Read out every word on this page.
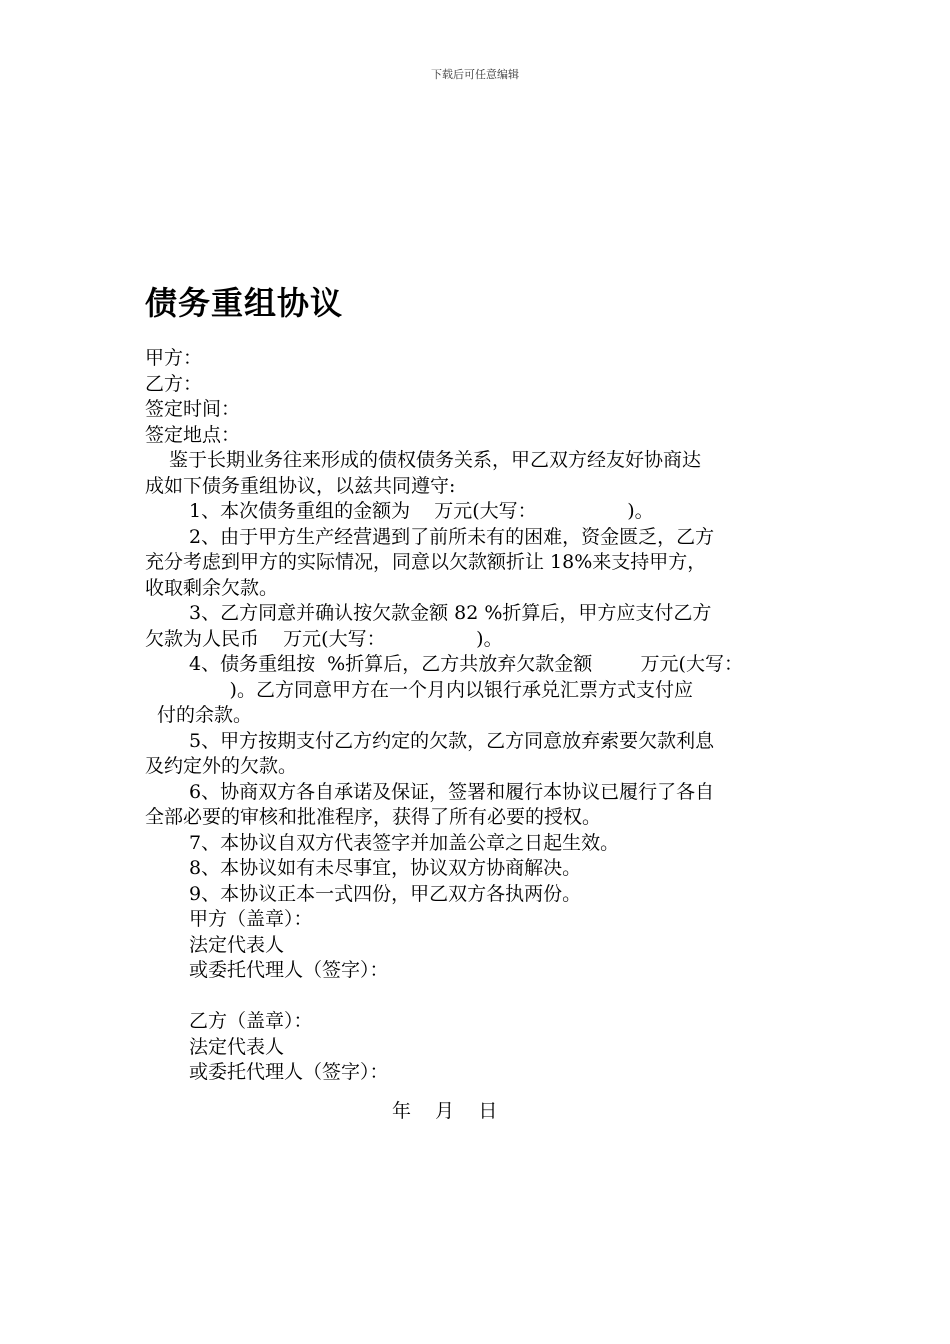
下载后可任意编辑
债务重组协议
甲方：
乙方：
签定时间：
签定地点：
鉴于长期业务往来形成的债权债务关系，甲乙双方经友好协商达
成如下债务重组协议，以兹共同遵守:
1、本次债务重组的金额为    万元(大写：               )。
2、由于甲方生产经营遇到了前所未有的困难，资金匮乏，乙方
充分考虑到甲方的实际情况，同意以欠款额折让 18%来支持甲方，
收取剩余欠款。
3、乙方同意并确认按欠款金额 82 %折算后，甲方应支付乙方
欠款为人民币    万元(大写：               )。
4、债务重组按  %折算后，乙方共放弃欠款金额        万元(大写：
)。乙方同意甲方在一个月内以银行承兑汇票方式支付应
付的余款。
5、甲方按期支付乙方约定的欠款，乙方同意放弃索要欠款利息
及约定外的欠款。
6、协商双方各自承诺及保证，签署和履行本协议已履行了各自
全部必要的审核和批准程序，获得了所有必要的授权。
7、本协议自双方代表签字并加盖公章之日起生效。
8、本协议如有未尽事宜，协议双方协商解决。
9、本协议正本一式四份，甲乙双方各执两份。
甲方（盖章）：
法定代表人
或委托代理人（签字）：
乙方（盖章）：
法定代表人
或委托代理人（签字）：
年    月    日
